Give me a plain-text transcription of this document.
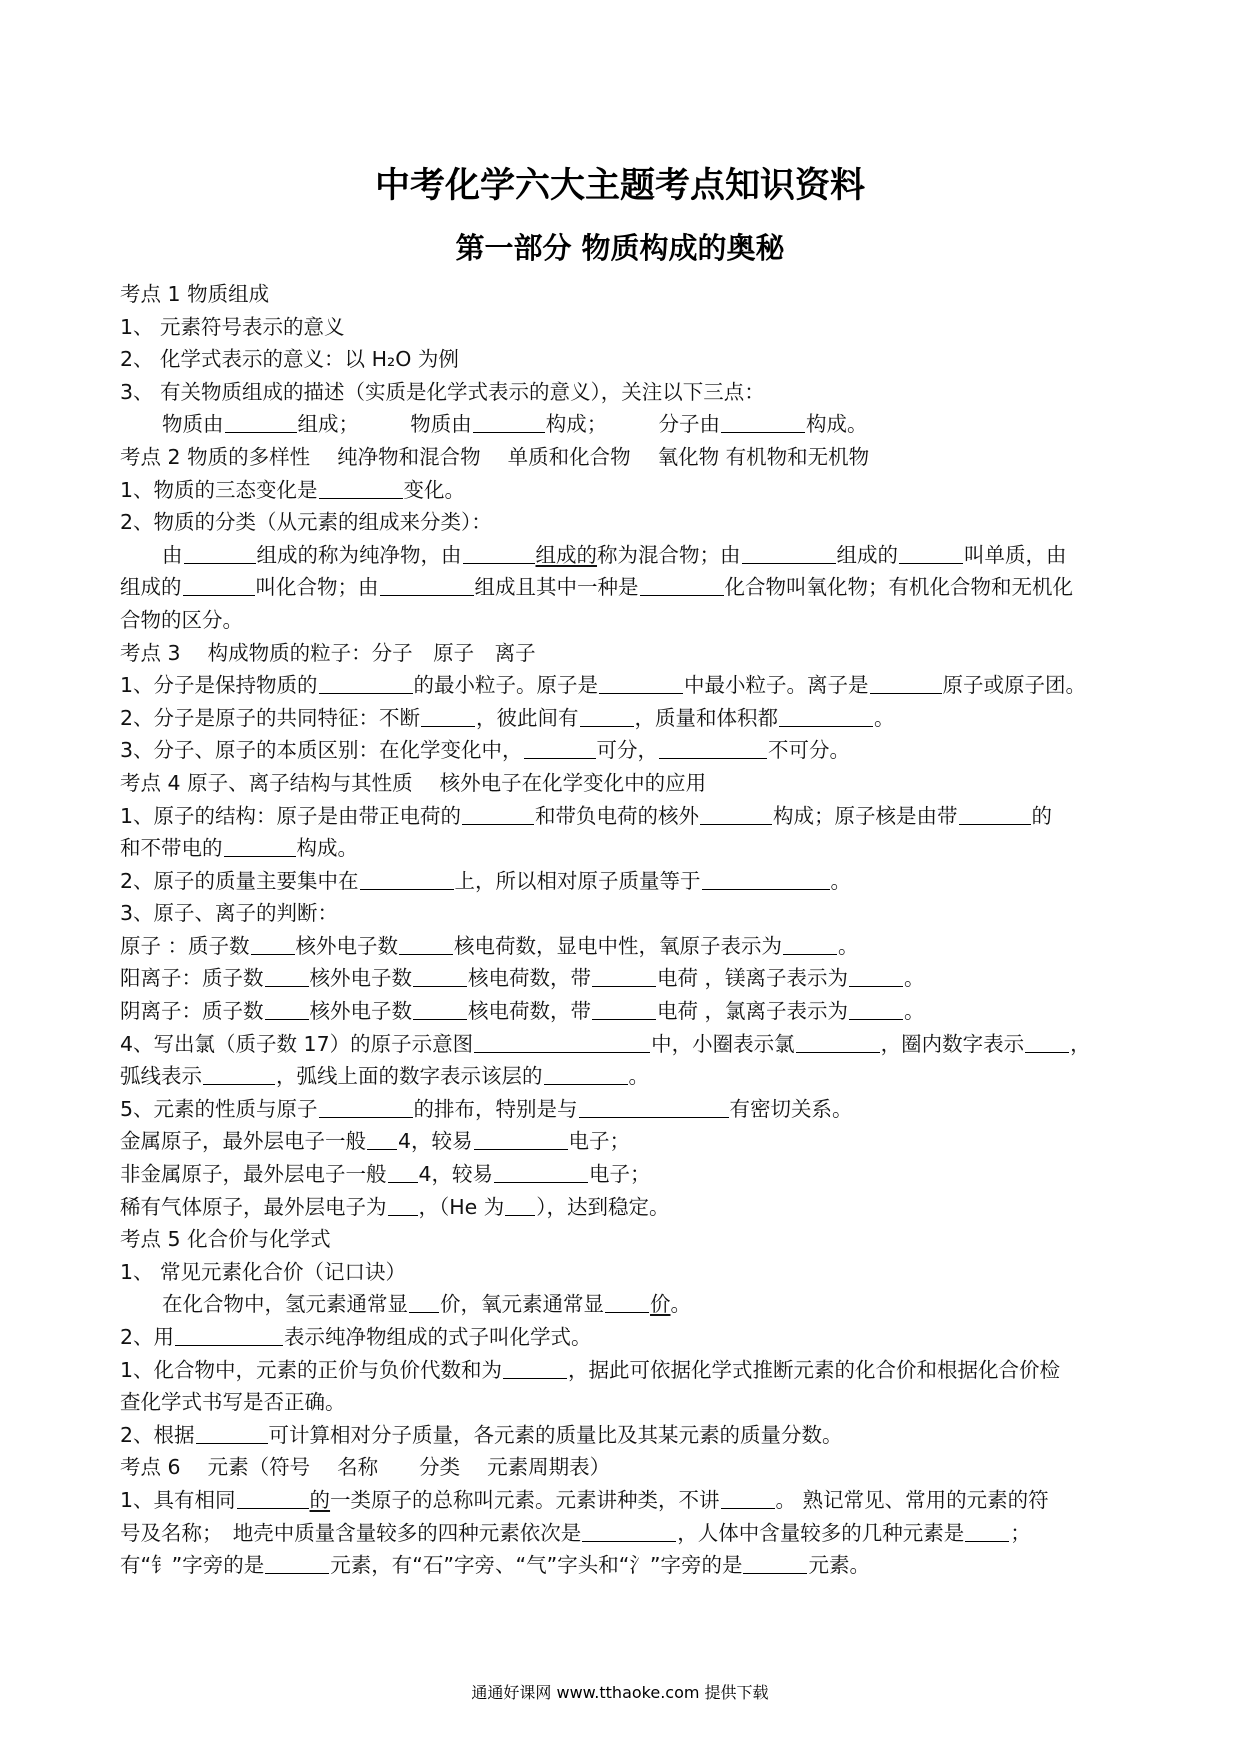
中考化学六大主题考点知识资料
第一部分 物质构成的奥秘
考点 1 物质组成
1、 元素符号表示的意义
2、 化学式表示的意义：以 H₂O 为例
3、 有关物质组成的描述（实质是化学式表示的意义），关注以下三点：
物质由	组成；　　　物质由	构成；　　　分子由	构成。
考点 2 物质的多样性　 纯净物和混合物　 单质和化合物　 氧化物 有机物和无机物
1、物质的三态变化是	变化。
2、物质的分类（从元素的组成来分类）：
由	组成的称为纯净物，由	组成的称为混合物；由	组成的	叫单质，由
组成的	叫化合物；由	组成且其中一种是	化合物叫氧化物；有机化合物和无机化
合物的区分。
考点 3　 构成物质的粒子：分子　原子　离子
1、分子是保持物质的	的最小粒子。原子是	中最小粒子。离子是	原子或原子团。
2、分子是原子的共同特征：不断	，彼此间有	，质量和体积都	。
3、分子、原子的本质区别：在化学变化中，	可分，	不可分。
考点 4 原子、离子结构与其性质　 核外电子在化学变化中的应用
1、原子的结构：原子是由带正电荷的	和带负电荷的核外	构成；原子核是由带	的
和不带电的	构成。
2、原子的质量主要集中在	上，所以相对原子质量等于	。
3、原子、离子的判断：
原子 ：质子数 核外电子数	核电荷数，显电中性，氧原子表示为	。
阳离子：质子数 核外电子数	核电荷数，带	电荷 ，镁离子表示为	。
阴离子：质子数 核外电子数	核电荷数，带	电荷 ，氯离子表示为	。
4、写出氯（质子数 17）的原子示意图	中，小圈表示氯	，圈内数字表示 ，
弧线表示	，弧线上面的数字表示该层的	。
5、元素的性质与原子	的排布，特别是与	有密切关系。
金属原子，最外层电子一般 4，较易	电子；
非金属原子，最外层电子一般 4，较易	电子；
稀有气体原子，最外层电子为 ，（He 为 ），达到稳定。
考点 5 化合价与化学式
1、 常见元素化合价（记口诀）
在化合物中，氢元素通常显 价，氧元素通常显 价。
2、用	表示纯净物组成的式子叫化学式。
1、化合物中，元素的正价与负价代数和为	，据此可依据化学式推断元素的化合价和根据化合价检
查化学式书写是否正确。
2、根据	可计算相对分子质量，各元素的质量比及其某元素的质量分数。
考点 6　 元素（符号　 名称　　分类　 元素周期表）
1、具有相同	的一类原子的总称叫元素。元素讲种类，不讲	。 熟记常见、常用的元素的符
号及名称；　地壳中质量含量较多的四种元素依次是	，人体中含量较多的几种元素是 ；
有“钅”字旁的是	元素，有“石”字旁、“气”字头和“氵”字旁的是	元素。
通通好课网 www.tthaoke.com 提供下载
